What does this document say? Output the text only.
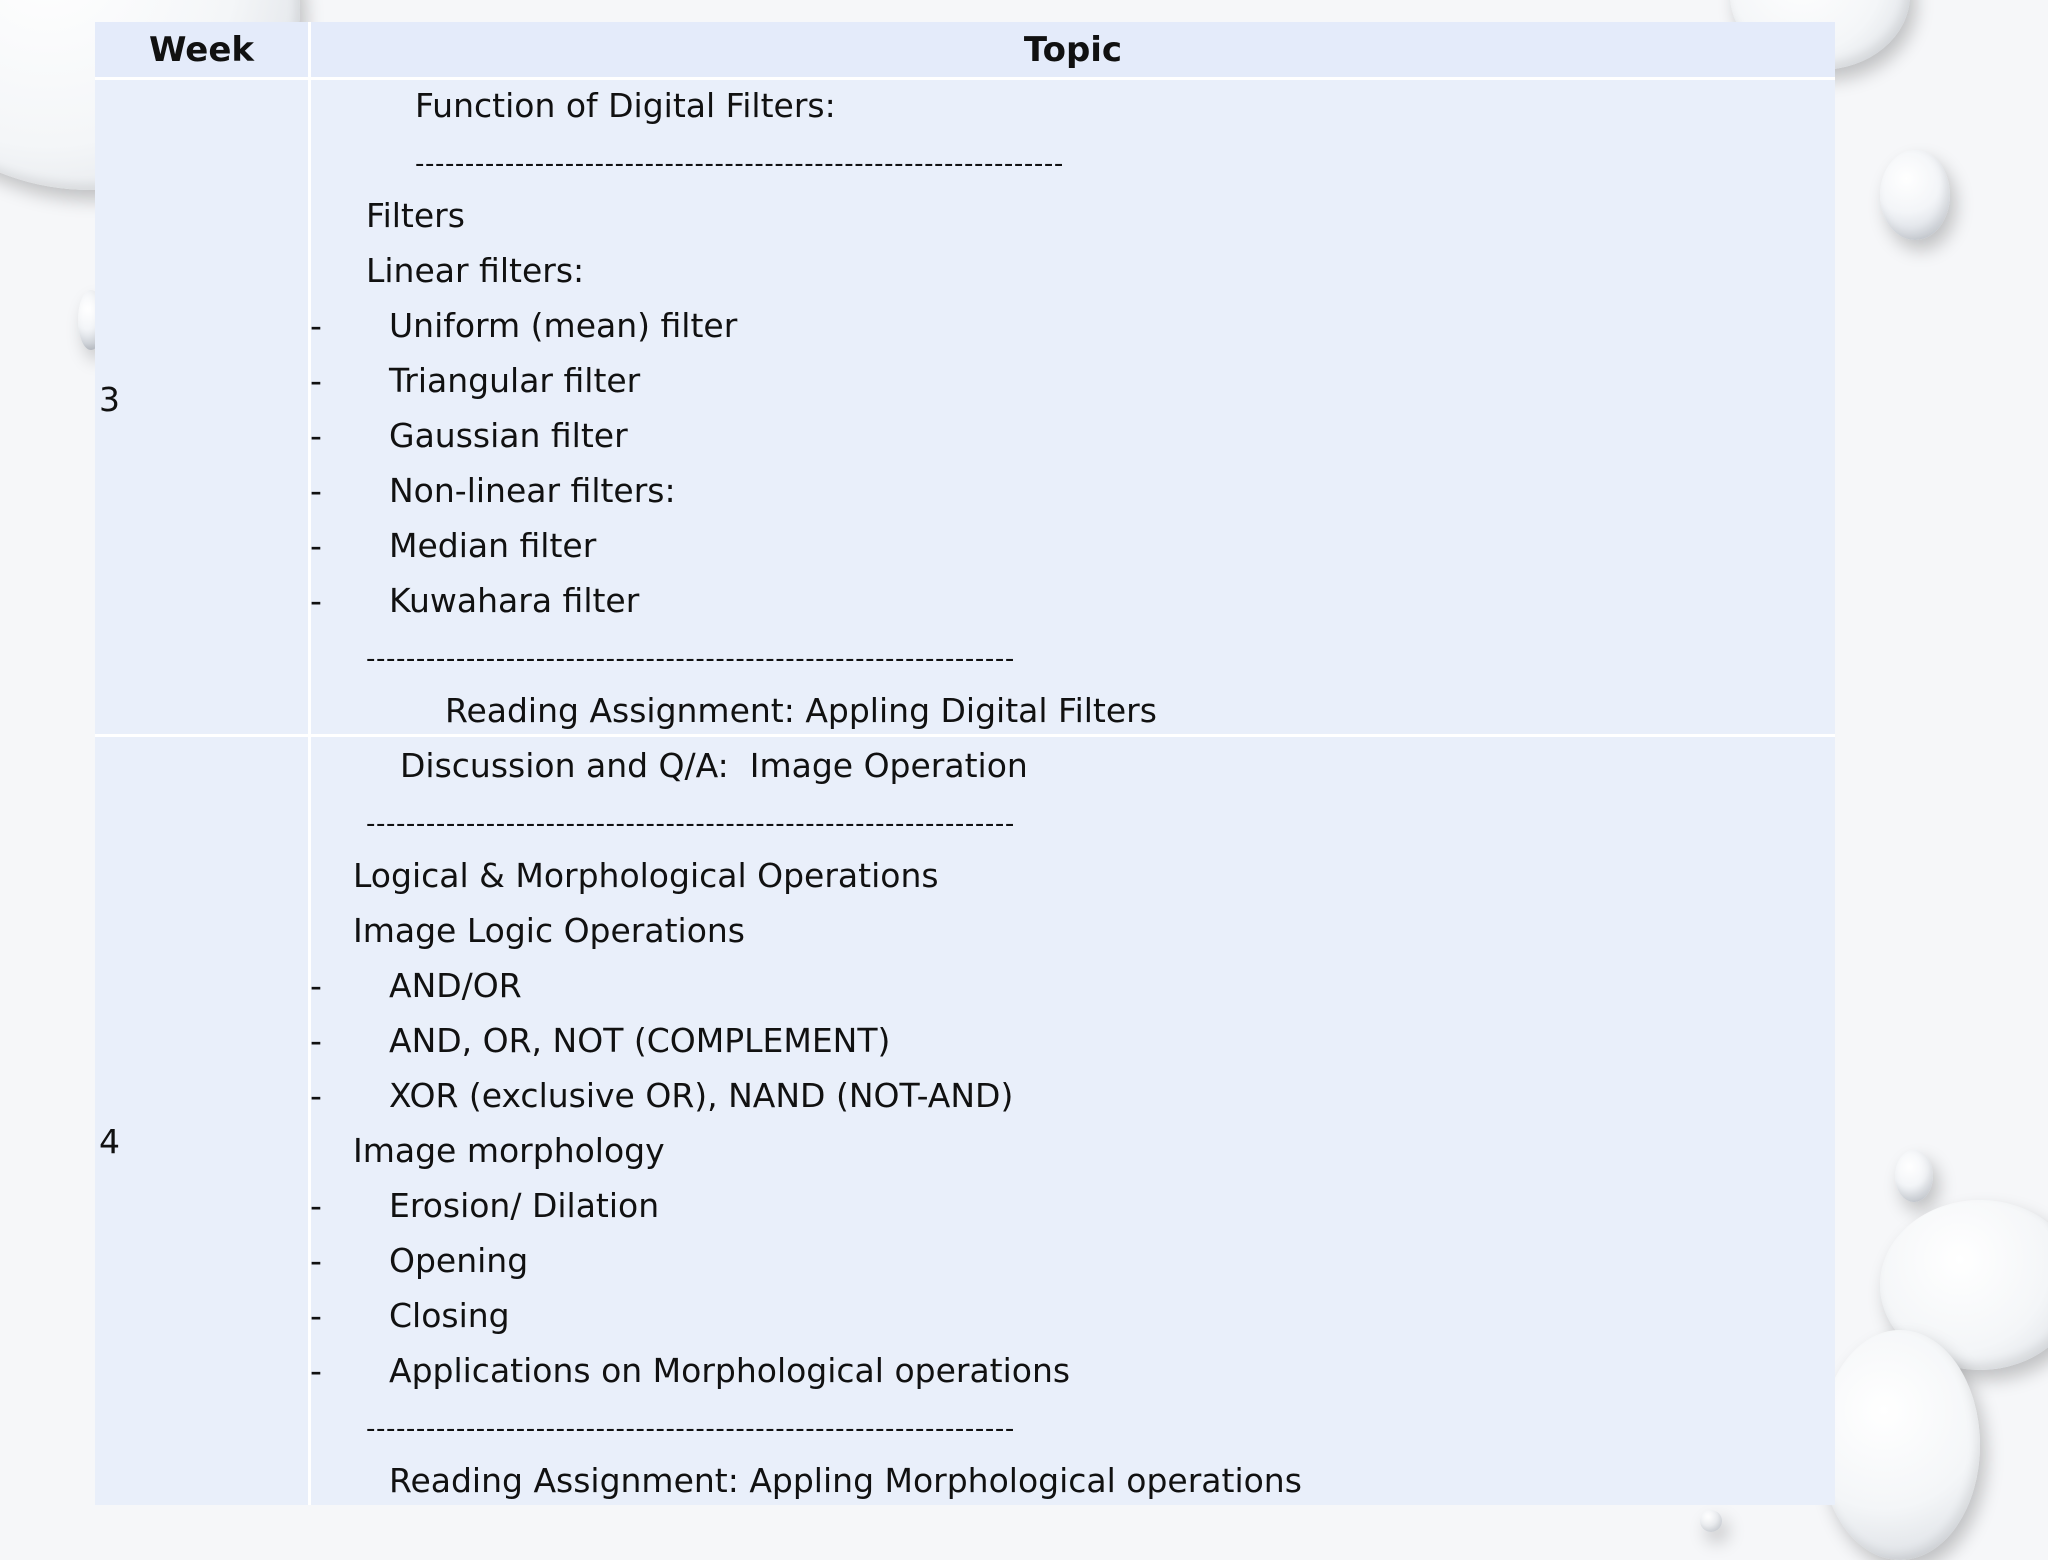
Week	Topic
3
Function of Digital Filters:
-----------------------------------------------------------------
Filters
Linear filters:
- Uniform (mean) filter
- Triangular filter
- Gaussian filter
- Non-linear filters:
- Median filter
- Kuwahara filter
-----------------------------------------------------------------
Reading Assignment: Appling Digital Filters
4
Discussion and Q/A:  Image Operation
-----------------------------------------------------------------
Logical & Morphological Operations
Image Logic Operations
- AND/OR
- AND, OR, NOT (COMPLEMENT)
- XOR (exclusive OR), NAND (NOT-AND)
Image morphology
- Erosion/ Dilation
- Opening
- Closing
- Applications on Morphological operations
-----------------------------------------------------------------
Reading Assignment: Appling Morphological operations
